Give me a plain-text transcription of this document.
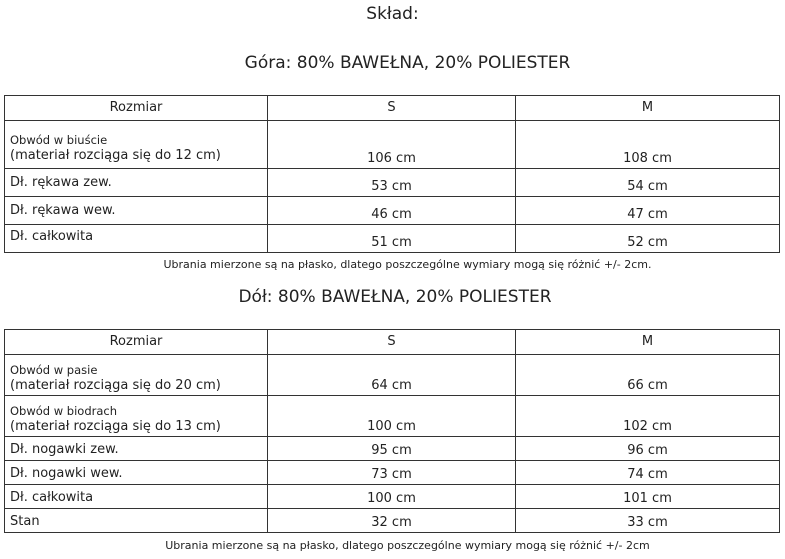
Skład:
Góra: 80% BAWEŁNA, 20% POLIESTER
Rozmiar	S	M

Obwód w biuście
(materiał rozciąga się do 12 cm)	106 cm	108 cm
Dł. rękawa zew.	53 cm	54 cm
Dł. rękawa wew.	46 cm	47 cm
Dł. całkowita	51 cm	52 cm
Ubrania mierzone są na płasko, dlatego poszczególne wymiary mogą się różnić +/- 2cm.
Dół: 80% BAWEŁNA, 20% POLIESTER
Rozmiar	S	M

Obwód w pasie
(materiał rozciąga się do 20 cm)	64 cm	66 cm

Obwód w biodrach
(materiał rozciąga się do 13 cm)	100 cm	102 cm
Dł. nogawki zew.	95 cm	96 cm
Dł. nogawki wew.	73 cm	74 cm
Dł. całkowita	100 cm	101 cm
Stan	32 cm	33 cm
Ubrania mierzone są na płasko, dlatego poszczególne wymiary mogą się różnić +/- 2cm
